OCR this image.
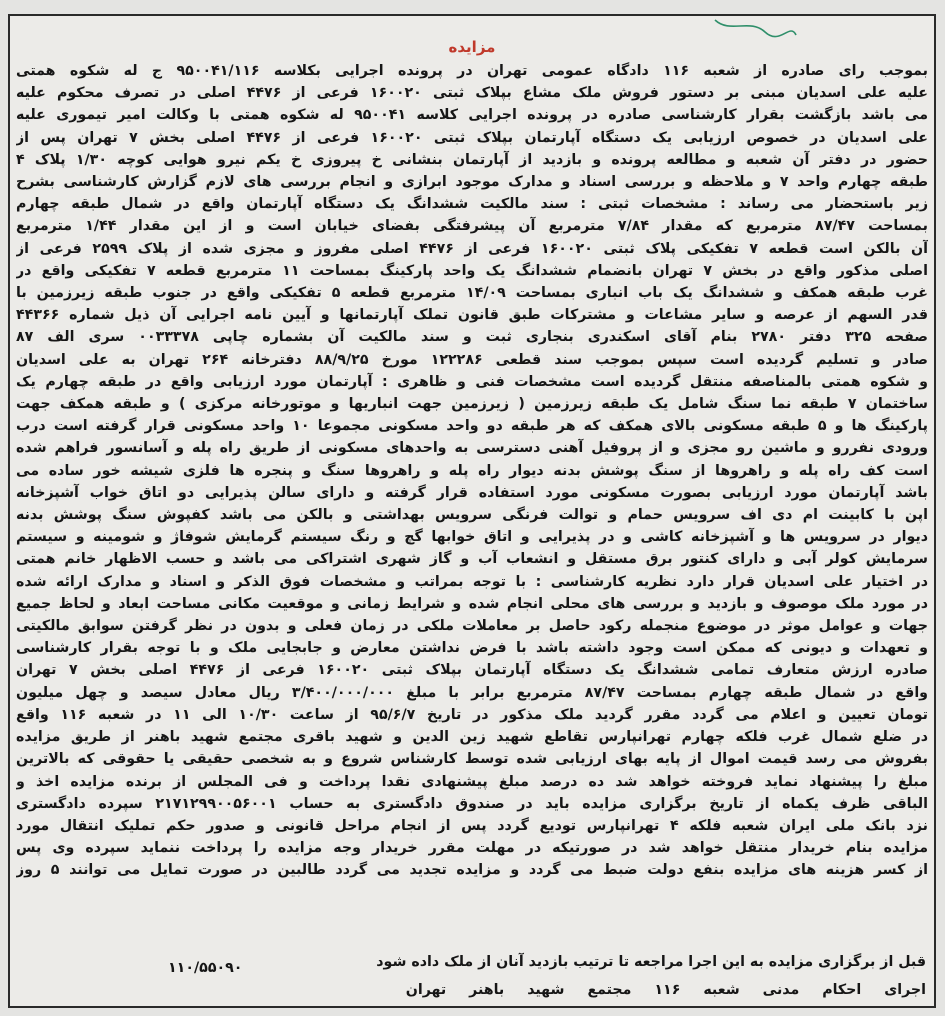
مزایده
بموجب رای صادره از شعبه ۱۱۶ دادگاه عمومی تهران در پرونده اجرایی بکلاسه ۹۵۰۰۴۱/۱۱۶ ج له شکوه همتی
علیه علی اسدیان مبنی بر دستور فروش ملک مشاع بپلاک ثبتی ۱۶۰۰۲۰ فرعی از ۴۴۷۶ اصلی در تصرف محکوم علیه
می باشد بازگشت بقرار کارشناسی صادره در پرونده اجرایی کلاسه ۹۵۰۰۴۱ له شکوه همتی با وکالت امیر تیموری علیه
علی اسدیان در خصوص ارزیابی یک دستگاه آپارتمان بپلاک ثبتی ۱۶۰۰۲۰ فرعی از ۴۴۷۶ اصلی بخش ۷ تهران پس از
حضور در دفتر آن شعبه و مطالعه پرونده و بازدید از آپارتمان بنشانی خ پیروزی خ یکم نیرو هوایی کوچه ۱/۳۰ پلاک ۴
طبقه چهارم واحد ۷ و ملاحظه و بررسی اسناد و مدارک موجود ابرازی و انجام بررسی های لازم گزارش کارشناسی بشرح
زیر باستحضار می رساند : مشخصات ثبتی : سند مالکیت ششدانگ یک دستگاه آپارتمان واقع در شمال طبقه چهارم
بمساحت ۸۷/۴۷ مترمربع که مقدار ۷/۸۴ مترمربع آن پیشرفتگی بفضای خیابان است و از این مقدار ۱/۴۴ مترمربع
آن بالکن است قطعه ۷ تفکیکی پلاک ثبتی ۱۶۰۰۲۰ فرعی از ۴۴۷۶ اصلی مفروز و مجزی شده از پلاک ۲۵۹۹ فرعی از
اصلی مذکور واقع در بخش ۷ تهران بانضمام ششدانگ یک واحد پارکینگ بمساحت ۱۱ مترمربع قطعه ۷ تفکیکی واقع در
غرب طبقه همکف و ششدانگ یک باب انباری بمساحت ۱۴/۰۹ مترمربع قطعه ۵ تفکیکی واقع در جنوب طبقه زیرزمین با
قدر السهم از عرصه و سایر مشاعات و مشترکات طبق قانون تملک آپارتمانها و آیین نامه اجرایی آن ذیل شماره ۴۴۳۶۶
صفحه ۳۲۵ دفتر ۲۷۸۰ بنام آقای اسکندری بنجاری ثبت و سند مالکیت آن بشماره چاپی ۰۰۳۳۳۷۸ سری الف ۸۷
صادر و تسلیم گردیده است سپس بموجب سند قطعی ۱۲۲۲۸۶ مورخ ۸۸/۹/۲۵ دفترخانه ۲۶۴ تهران به علی اسدیان
و شکوه همتی بالمناصفه منتقل گردیده است مشخصات فنی و ظاهری : آپارتمان مورد ارزیابی واقع در طبقه چهارم یک
ساختمان ۷ طبقه نما سنگ شامل یک طبقه زیرزمین ( زیرزمین جهت انباریها و موتورخانه مرکزی ) و طبقه همکف جهت
پارکینگ ها و ۵ طبقه مسکونی بالای همکف که هر طبقه دو واحد مسکونی مجموعا ۱۰ واحد مسکونی قرار گرفته است درب
ورودی نفررو و ماشین رو مجزی و از پروفیل آهنی دسترسی به واحدهای مسکونی از طریق راه پله و آسانسور فراهم شده
است کف راه پله و راهروها از سنگ پوشش بدنه دیوار راه پله و راهروها سنگ و پنجره ها فلزی شیشه خور ساده می
باشد آپارتمان مورد ارزیابی بصورت مسکونی مورد استفاده قرار گرفته و دارای سالن پذیرایی دو اتاق خواب آشپزخانه
اپن با کابینت ام دی اف سرویس حمام و توالت فرنگی سرویس بهداشتی و بالکن می باشد کفپوش سنگ پوشش بدنه
دیوار در سرویس ها و آشپزخانه کاشی و در پذیرایی و اتاق خوابها گچ و رنگ سیستم گرمایش شوفاژ و شومینه و سیستم
سرمایش کولر آبی و دارای کنتور برق مستقل و انشعاب آب و گاز شهری اشتراکی می باشد و حسب الاظهار خانم همتی
در اختیار علی اسدیان قرار دارد نظریه کارشناسی : با توجه بمراتب و مشخصات فوق الذکر و اسناد و مدارک ارائه شده
در مورد ملک موصوف و بازدید و بررسی های محلی انجام شده و شرایط زمانی و موقعیت مکانی مساحت ابعاد و لحاظ جمیع
جهات و عوامل موثر در موضوع منجمله رکود حاصل بر معاملات ملکی در زمان فعلی و بدون در نظر گرفتن سوابق مالکیتی
و تعهدات و دیونی که ممکن است وجود داشته باشد با فرض نداشتن معارض و جابجایی ملک و با توجه بقرار کارشناسی
صادره ارزش متعارف تمامی ششدانگ یک دستگاه آپارتمان بپلاک ثبتی ۱۶۰۰۲۰ فرعی از ۴۴۷۶ اصلی بخش ۷ تهران
واقع در شمال طبقه چهارم بمساحت ۸۷/۴۷ مترمربع برابر با مبلغ ۳/۴۰۰/۰۰۰/۰۰۰ ریال معادل سیصد و چهل میلیون
تومان تعیین و اعلام می گردد مقرر گردید ملک مذکور در تاریخ ۹۵/۶/۷ از ساعت ۱۰/۳۰ الی ۱۱ در شعبه ۱۱۶ واقع
در ضلع شمال غرب فلکه چهارم تهرانپارس تقاطع شهید زین الدین و شهید باقری مجتمع شهید باهنر از طریق مزایده
بفروش می رسد قیمت اموال از پایه بهای ارزیابی شده توسط کارشناس شروع و به شخصی حقیقی یا حقوقی که بالاترین
مبلغ را پیشنهاد نماید فروخته خواهد شد ده درصد مبلغ پیشنهادی نقدا پرداخت و فی المجلس از برنده مزایده اخذ و
الباقی ظرف یکماه از تاریخ برگزاری مزایده باید در صندوق دادگستری به حساب ۲۱۷۱۲۹۹۰۰۵۶۰۰۱ سپرده دادگستری
نزد بانک ملی ایران شعبه فلکه ۴ تهرانپارس تودیع گردد پس از انجام مراحل قانونی و صدور حکم تملیک انتقال مورد
مزایده بنام خریدار منتقل خواهد شد در صورتیکه در مهلت مقرر خریدار وجه مزایده را پرداخت ننماید سپرده وی پس
از کسر هزینه های مزایده بنفع دولت ضبط می گردد و مزایده تجدید می گردد طالبین در صورت تمایل می توانند ۵ روز
قبل از برگزاری مزایده به این اجرا مراجعه تا ترتیب بازدید آنان از ملک داده شود
۱۱۰/۵۵۰۹۰
اجرای احکام مدنی شعبه ۱۱۶ مجتمع شهید باهنر تهران
